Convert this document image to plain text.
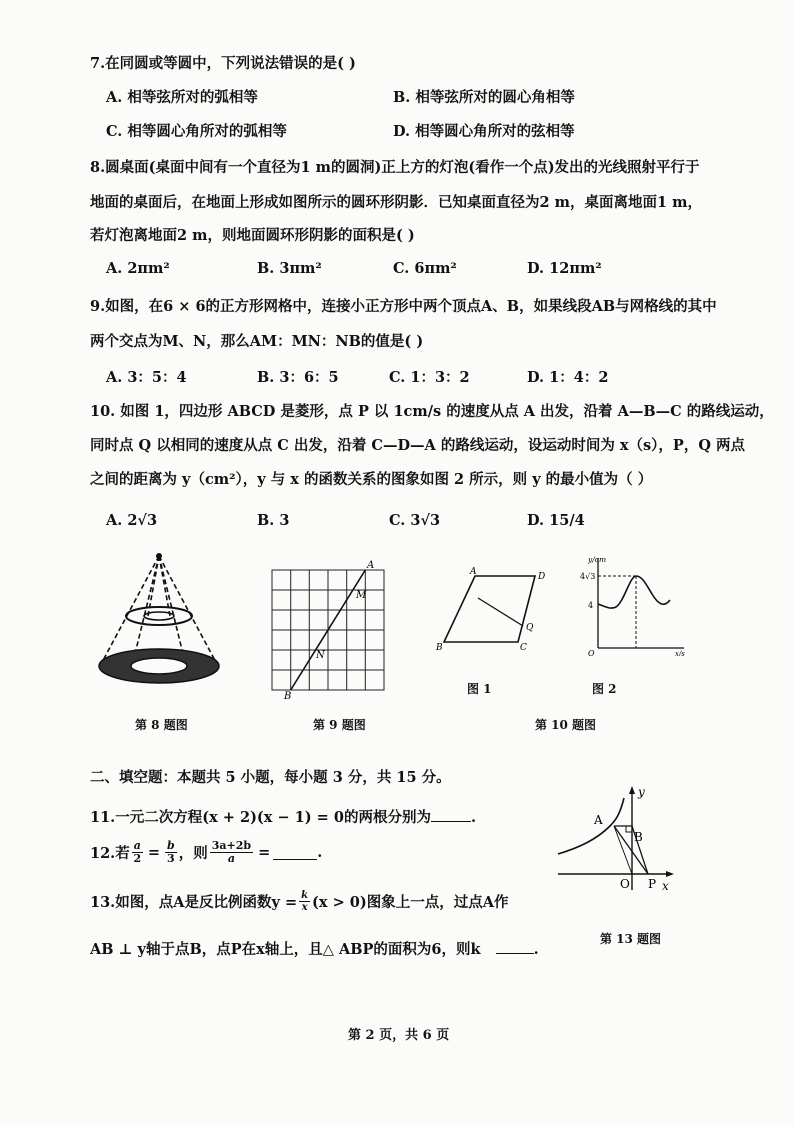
7.在同圆或等圆中，下列说法错误的是( )
A. 相等弦所对的弧相等	B. 相等弦所对的圆心角相等
C. 相等圆心角所对的弧相等	D. 相等圆心角所对的弦相等
8.圆桌面(桌面中间有一个直径为1 m的圆洞)正上方的灯泡(看作一个点)发出的光线照射平行于
地面的桌面后，在地面上形成如图所示的圆环形阴影．已知桌面直径为2 m，桌面离地面1 m，
若灯泡离地面2 m，则地面圆环形阴影的面积是( )
A. 2πm²	B. 3πm²	C. 6πm²	D. 12πm²
9.如图，在6 × 6的正方形网格中，连接小正方形中两个顶点A、B，如果线段AB与网格线的其中
两个交点为M、N，那么AM：MN：NB的值是( )
A. 3：5：4	B. 3：6：5	C. 1：3：2	D. 1：4：2
10. 如图 1，四边形 ABCD 是菱形，点 P 以 1cm/s 的速度从点 A 出发，沿着 A—B—C 的路线运动，
同时点 Q 以相同的速度从点 C 出发，沿着 C—D—A 的路线运动，设运动时间为 x（s），P，Q 两点
之间的距离为 y（cm²），y 与 x 的函数关系的图象如图 2 所示，则 y 的最小值为（ ）
A. 2√3	B. 3	C. 3√3	D. 15/4
第 8 题图
A
M
N
B
第 9 题图
A	D
B	C
Q
图 1
y/cm
x/s
O
4√3
4
图 2
第 10 题图
二、填空题：本题共 5 小题，每小题 3 分，共 15 分。
11.一元二次方程(x + 2)(x − 1) = 0的两根分别为	.
12.若 $\frac{a}{2} = \frac{b}{3}$ ，则 $\frac{3a+2b}{a}$ =	.
13.如图，点A是反比例函数$y = \frac{k}{x} (x > 0)$图象上一点，过点A作
AB ⊥ y轴于点B，点P在x轴上，且△ ABP的面积为6，则k	.
y
x
A
B
O P
第 13 题图
第 2 页，共 6 页
